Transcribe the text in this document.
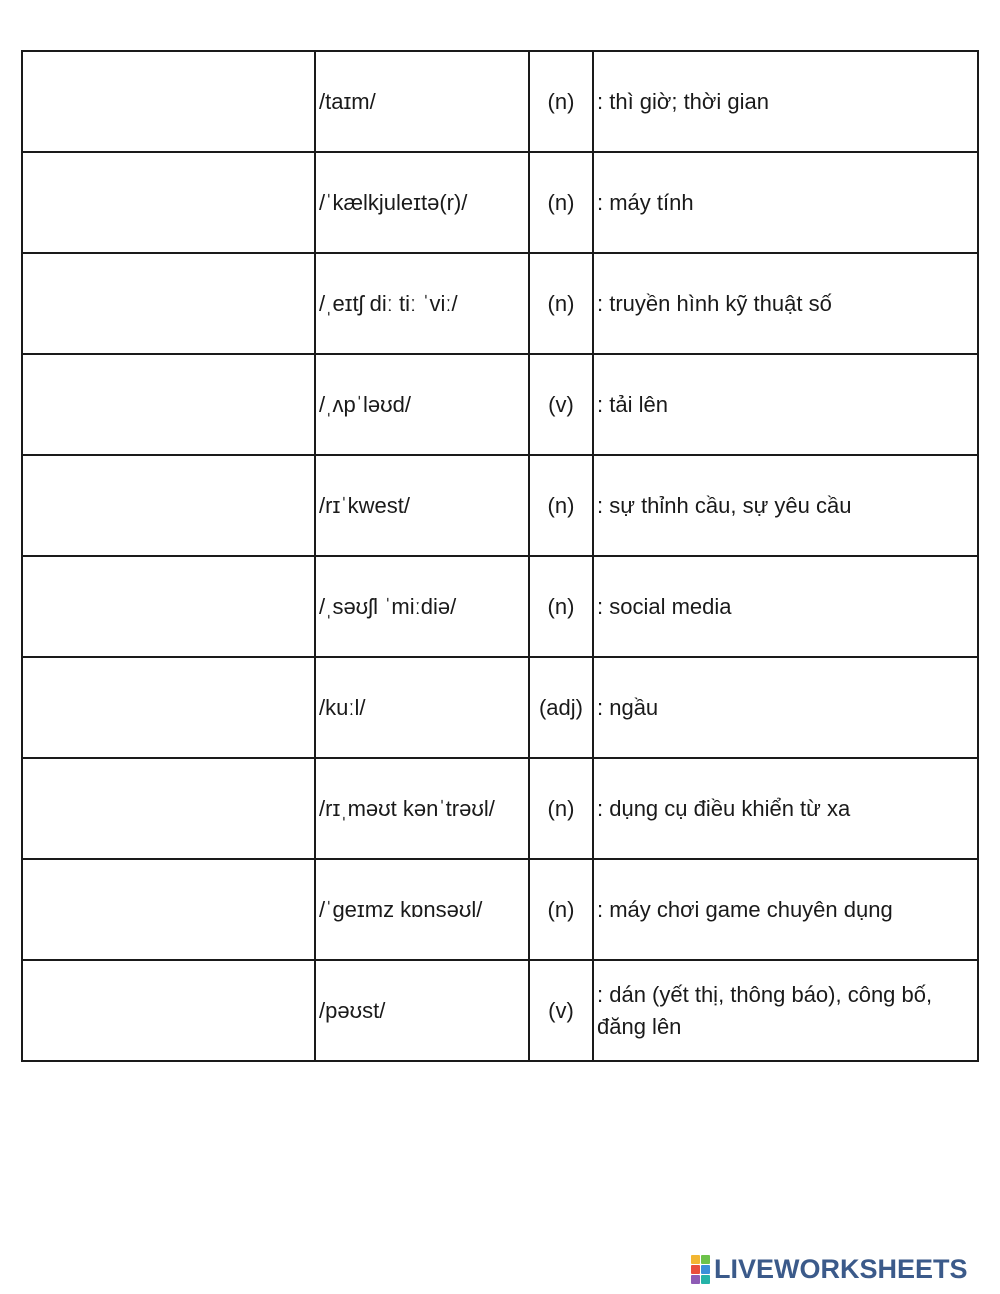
	/taɪm/	(n)	: thì giờ; thời gian
	/ˈkælkjuleɪtə(r)/	(n)	: máy tính
	/ˌeɪtʃ diː tiː ˈviː/	(n)	: truyền hình kỹ thuật số
	/ˌʌpˈləʊd/	(v)	: tải lên
	/rɪˈkwest/	(n)	: sự thỉnh cầu, sự yêu cầu
	/ˌsəʊʃl ˈmiːdiə/	(n)	: social media
	/kuːl/	(adj)	: ngầu
	/rɪˌməʊt kənˈtrəʊl/	(n)	: dụng cụ điều khiển từ xa
	/ˈgeɪmz kɒnsəʊl/	(n)	: máy chơi game chuyên dụng
	/pəʊst/	(v)	: dán (yết thị, thông báo), công bố, đăng lên
LIVEWORKSHEETS
